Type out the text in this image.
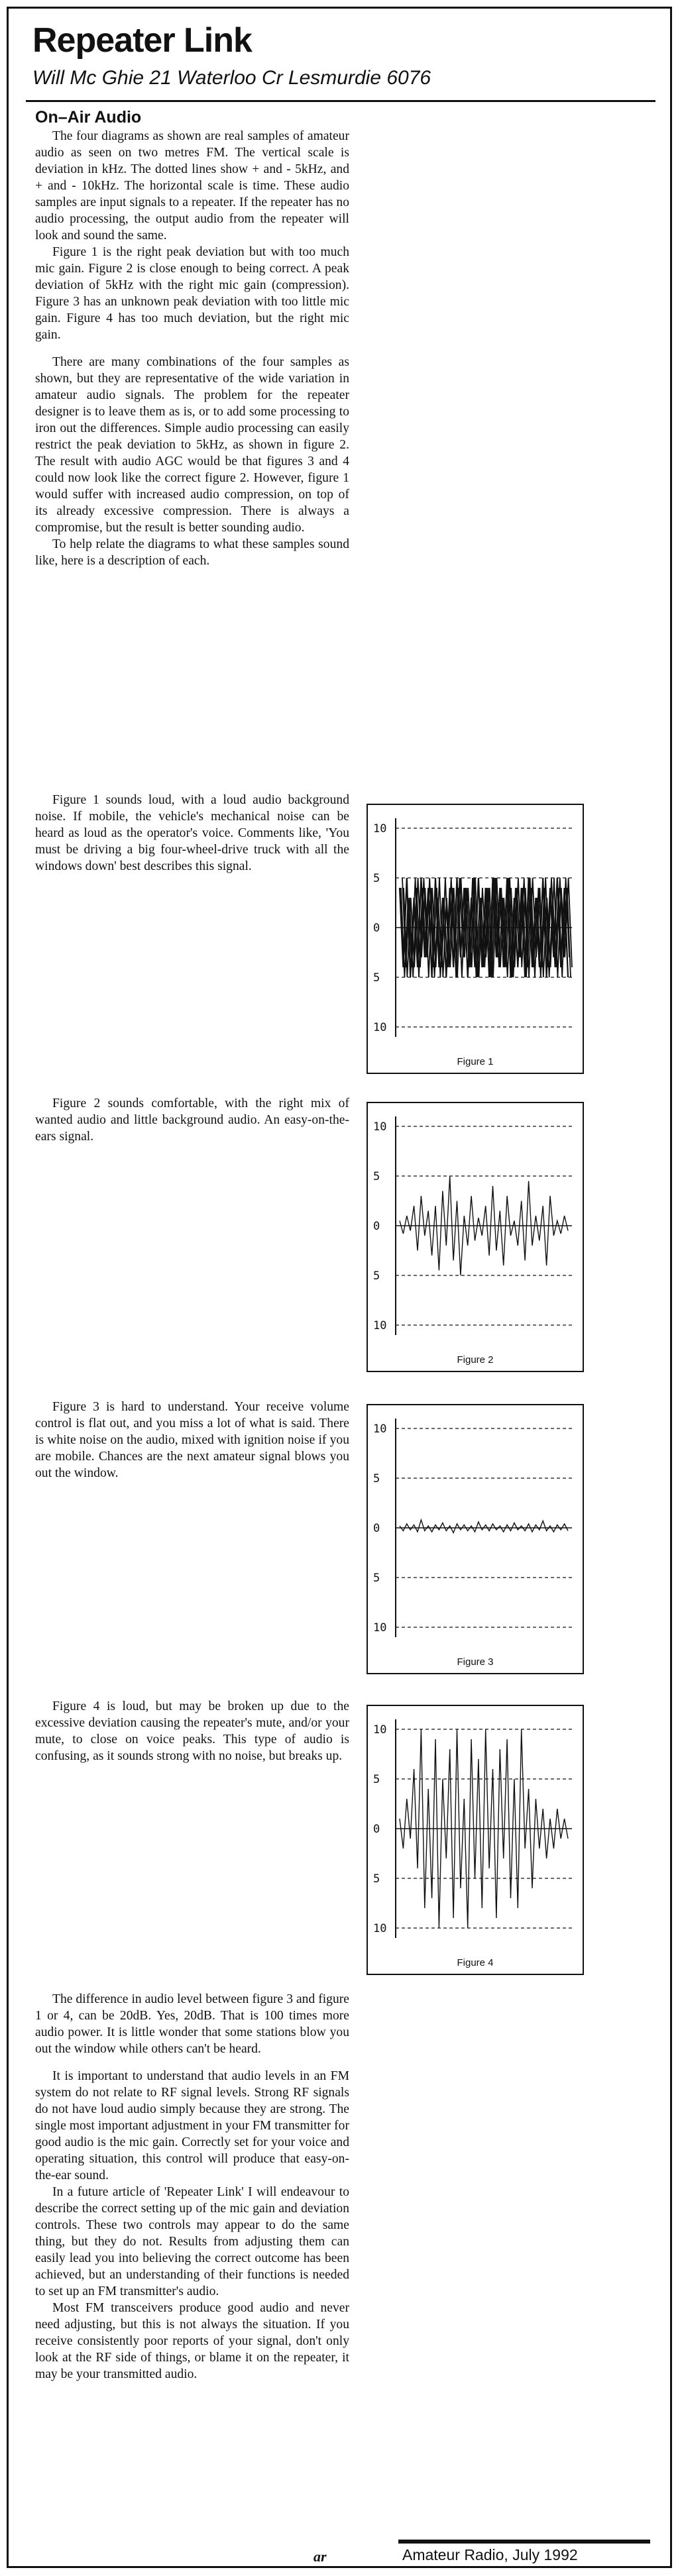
Repeater Link
Will Mc Ghie 21 Waterloo Cr Lesmurdie 6076
On–Air Audio

The four diagrams as shown are real samples of amateur audio as seen on two metres FM. The vertical scale is deviation in kHz. The dotted lines show + and - 5kHz, and + and - 10kHz. The horizontal scale is time. These audio samples are input signals to a repeater. If the repeater has no audio processing, the output audio from the repeater will look and sound the same.

Figure 1 is the right peak deviation but with too much mic gain. Figure 2 is close enough to being correct. A peak deviation of 5kHz with the right mic gain (compression). Figure 3 has an unknown peak deviation with too little mic gain. Figure 4 has too much deviation, but the right mic gain.

There are many combinations of the four samples as shown, but they are representative of the wide variation in amateur audio signals. The problem for the repeater designer is to leave them as is, or to add some processing to iron out the differences. Simple audio processing can easily restrict the peak deviation to 5kHz, as shown in figure 2. The result with audio AGC would be that figures 3 and 4 could now look like the correct figure 2. However, figure 1 would suffer with increased audio compression, on top of its already excessive compression. There is always a compromise, but the result is better sounding audio.

To help relate the diagrams to what these samples sound like, here is a description of each.

Figure 1 sounds loud, with a loud audio background noise. If mobile, the vehicle's mechanical noise can be heard as loud as the operator's voice. Comments like, 'You must be driving a big four-wheel-drive truck with all the windows down' best describes this signal.

Figure 2 sounds comfortable, with the right mix of wanted audio and little background audio. An easy-on-the-ears signal.

Figure 3 is hard to understand. Your receive volume control is flat out, and you miss a lot of what is said. There is white noise on the audio, mixed with ignition noise if you are mobile. Chances are the next amateur signal blows you out the window.

Figure 4 is loud, but may be broken up due to the excessive deviation causing the repeater's mute, and/or your mute, to close on voice peaks. This type of audio is confusing, as it sounds strong with no noise, but breaks up.

10
5
0
5
10
Figure 1
10
5
0
5
10
Figure 2
10
5
0
5
10
Figure 3
10
5
0
5
10
Figure 4

The difference in audio level between figure 3 and figure 1 or 4, can be 20dB. Yes, 20dB. That is 100 times more audio power. It is little wonder that some stations blow you out the window while others can't be heard.

It is important to understand that audio levels in an FM system do not relate to RF signal levels. Strong RF signals do not have loud audio simply because they are strong. The single most important adjustment in your FM transmitter for good audio is the mic gain. Correctly set for your voice and operating situation, this control will produce that easy-on-the-ear sound.

In a future article of 'Repeater Link' I will endeavour to describe the correct setting up of the mic gain and deviation controls. These two controls may appear to do the same thing, but they do not. Results from adjusting them can easily lead you into believing the correct outcome has been achieved, but an understanding of their functions is needed to set up an FM transmitter's audio.

Most FM transceivers produce good audio and never need adjusting, but this is not always the situation. If you receive consistently poor reports of your signal, don't only look at the RF side of things, or blame it on the repeater, it may be your transmitted audio.

ar	Amateur Radio, July 1992
